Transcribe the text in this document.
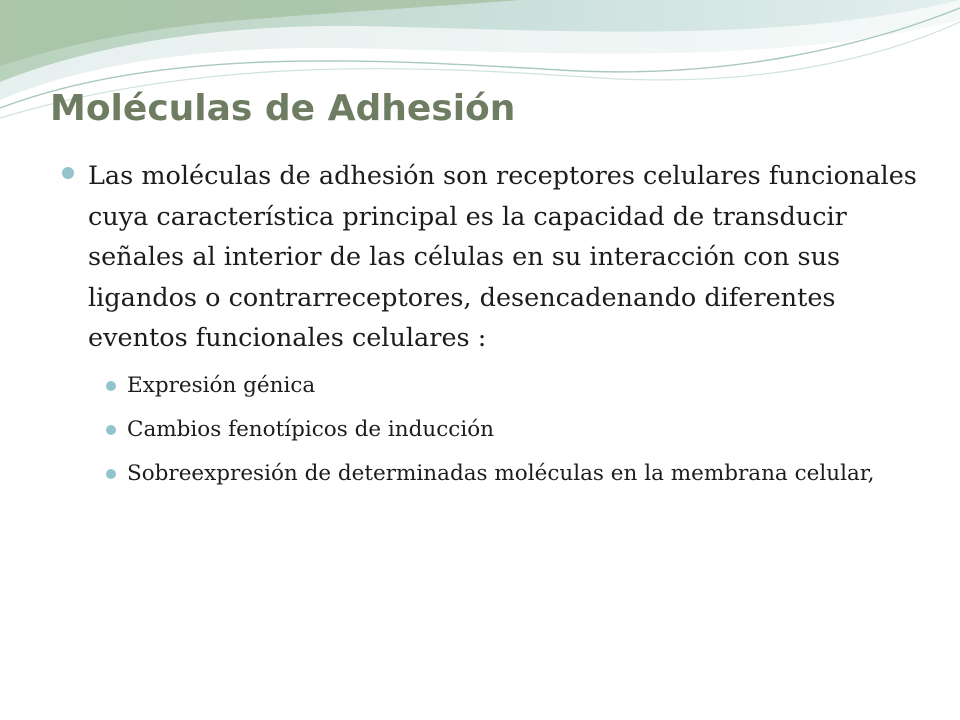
Moléculas de Adhesión
Las moléculas de adhesión son receptores celulares funcionales cuya característica principal es la capacidad de transducir señales al interior de las células en su interacción con sus ligandos o contrarreceptores, desencadenando diferentes eventos funcionales celulares :
Expresión génica
Cambios fenotípicos de inducción
Sobreexpresión de determinadas moléculas en la membrana celular,
